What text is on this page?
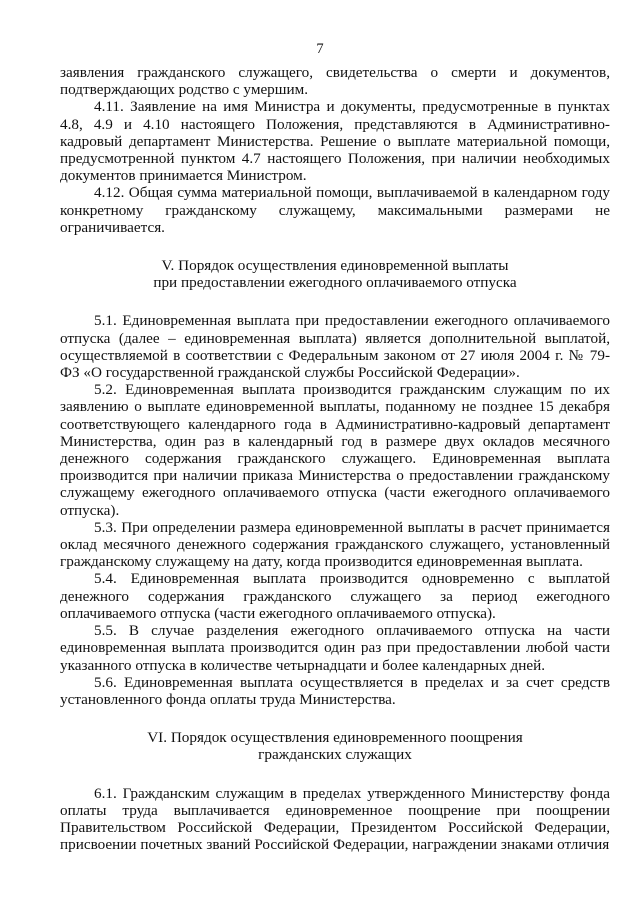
7

заявления гражданского служащего, свидетельства о смерти и документов, подтверждающих родство с умершим.

4.11. Заявление на имя Министра и документы, предусмотренные в пунктах 4.8, 4.9 и 4.10 настоящего Положения, представляются в Административно-кадровый департамент Министерства. Решение о выплате материальной помощи, предусмотренной пунктом 4.7 настоящего Положения, при наличии необходимых документов принимается Министром.

4.12. Общая сумма материальной помощи, выплачиваемой в календарном году конкретному гражданскому служащему, максимальными размерами не ограничивается.

V. Порядок осуществления единовременной выплаты
при предоставлении ежегодного оплачиваемого отпуска

5.1. Единовременная выплата при предоставлении ежегодного оплачиваемого отпуска (далее – единовременная выплата) является дополнительной выплатой, осуществляемой в соответствии с Федеральным законом от 27 июля 2004 г. № 79-ФЗ «О государственной гражданской службы Российской Федерации».

5.2. Единовременная выплата производится гражданским служащим по их заявлению о выплате единовременной выплаты, поданному не позднее 15 декабря соответствующего календарного года в Административно-кадровый департамент Министерства, один раз в календарный год в размере двух окладов месячного денежного содержания гражданского служащего. Единовременная выплата производится при наличии приказа Министерства о предоставлении гражданскому служащему ежегодного оплачиваемого отпуска (части ежегодного оплачиваемого отпуска).

5.3. При определении размера единовременной выплаты в расчет принимается оклад месячного денежного содержания гражданского служащего, установленный гражданскому служащему на дату, когда производится единовременная выплата.

5.4. Единовременная выплата производится одновременно с выплатой денежного содержания гражданского служащего за период ежегодного оплачиваемого отпуска (части ежегодного оплачиваемого отпуска).

5.5. В случае разделения ежегодного оплачиваемого отпуска на части единовременная выплата производится один раз при предоставлении любой части указанного отпуска в количестве четырнадцати и более календарных дней.

5.6. Единовременная выплата осуществляется в пределах и за счет средств установленного фонда оплаты труда Министерства.

VI. Порядок осуществления единовременного поощрения
гражданских служащих

6.1. Гражданским служащим в пределах утвержденного Министерству фонда оплаты труда выплачивается единовременное поощрение при поощрении Правительством Российской Федерации, Президентом Российской Федерации, присвоении почетных званий Российской Федерации, награждении знаками отличия
